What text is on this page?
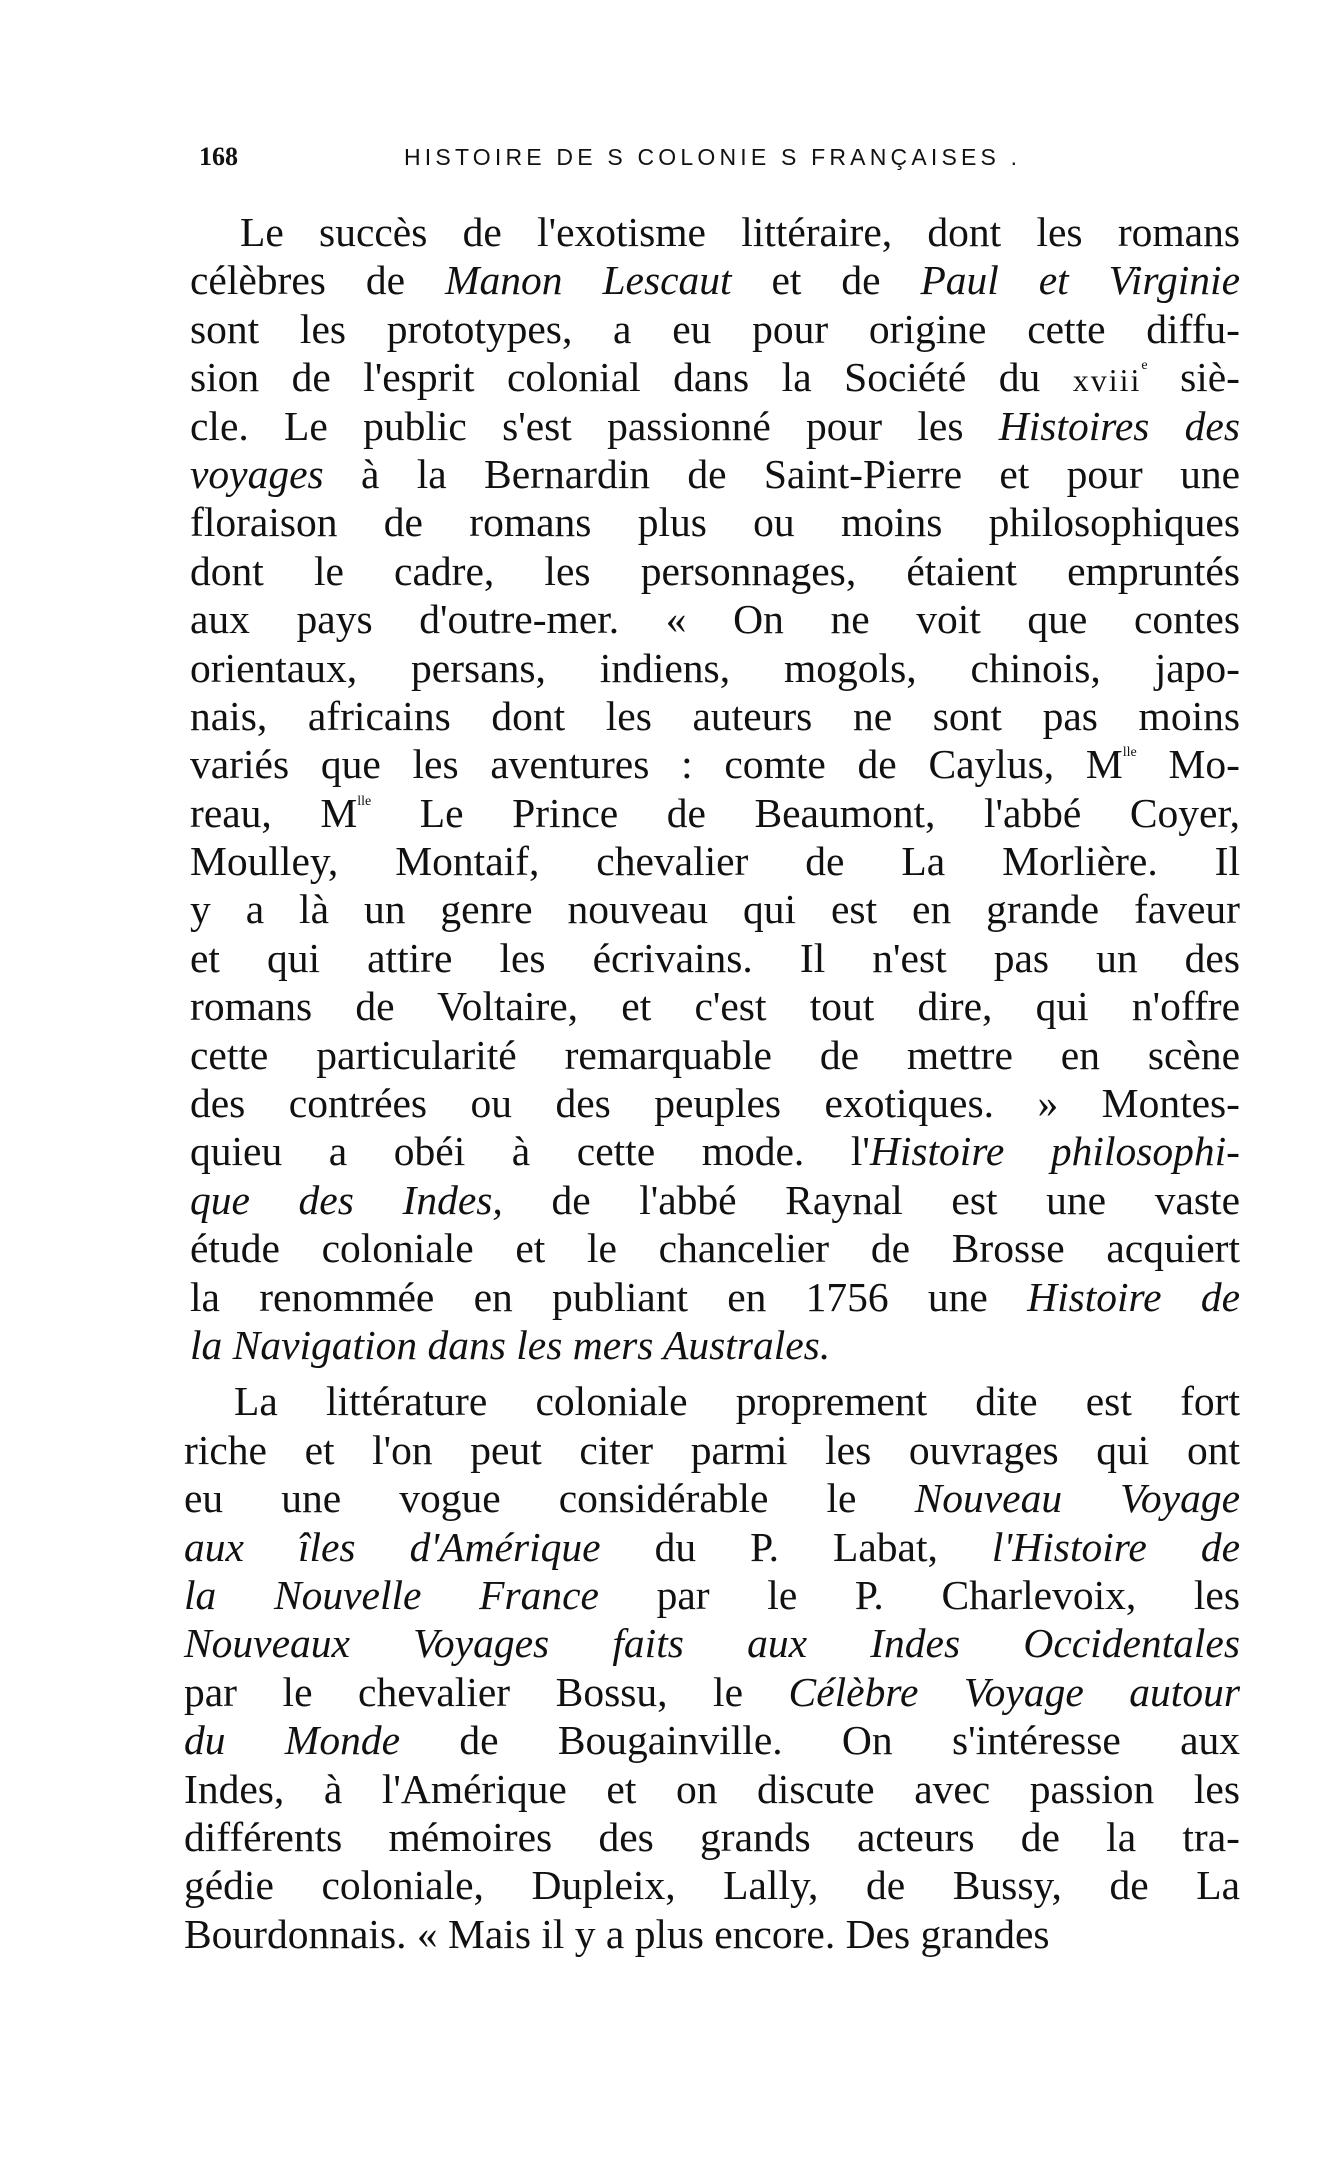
168	HISTOIRE DE S COLONIE S FRANÇAISES .
Le succès de l'exotisme littéraire, dont les romans
célèbres de Manon Lescaut et de Paul et Virginie
sont les prototypes, a eu pour origine cette diffu-
sion de l'esprit colonial dans la Société du xviii$^e$ siè-
cle. Le public s'est passionné pour les Histoires des
voyages à la Bernardin de Saint-Pierre et pour une
floraison de romans plus ou moins philosophiques
dont le cadre, les personnages, étaient empruntés
aux pays d'outre-mer. « On ne voit que contes
orientaux, persans, indiens, mogols, chinois, japo-
nais, africains dont les auteurs ne sont pas moins
variés que les aventures : comte de Caylus, $M^{lle}$ Mo-
reau, $M^{lle}$ Le Prince de Beaumont, l'abbé Coyer,
Moulley, Montaif, chevalier de La Morlière. Il
y a là un genre nouveau qui est en grande faveur
et qui attire les écrivains. Il n'est pas un des
romans de Voltaire, et c'est tout dire, qui n'offre
cette particularité remarquable de mettre en scène
des contrées ou des peuples exotiques. » Montes-
quieu a obéi à cette mode. l'Histoire philosophi-
que des Indes, de l'abbé Raynal est une vaste
étude coloniale et le chancelier de Brosse acquiert
la renommée en publiant en 1756 une Histoire de
la Navigation dans les mers Australes.
La littérature coloniale proprement dite est fort
riche et l'on peut citer parmi les ouvrages qui ont
eu une vogue considérable le Nouveau Voyage
aux îles d'Amérique du P. Labat, l'Histoire de
la Nouvelle France par le P. Charlevoix, les
Nouveaux Voyages faits aux Indes Occidentales
par le chevalier Bossu, le Célèbre Voyage autour
du Monde de Bougainville. On s'intéresse aux
Indes, à l'Amérique et on discute avec passion les
différents mémoires des grands acteurs de la tra-
gédie coloniale, Dupleix, Lally, de Bussy, de La
Bourdonnais. « Mais il y a plus encore. Des grandes
